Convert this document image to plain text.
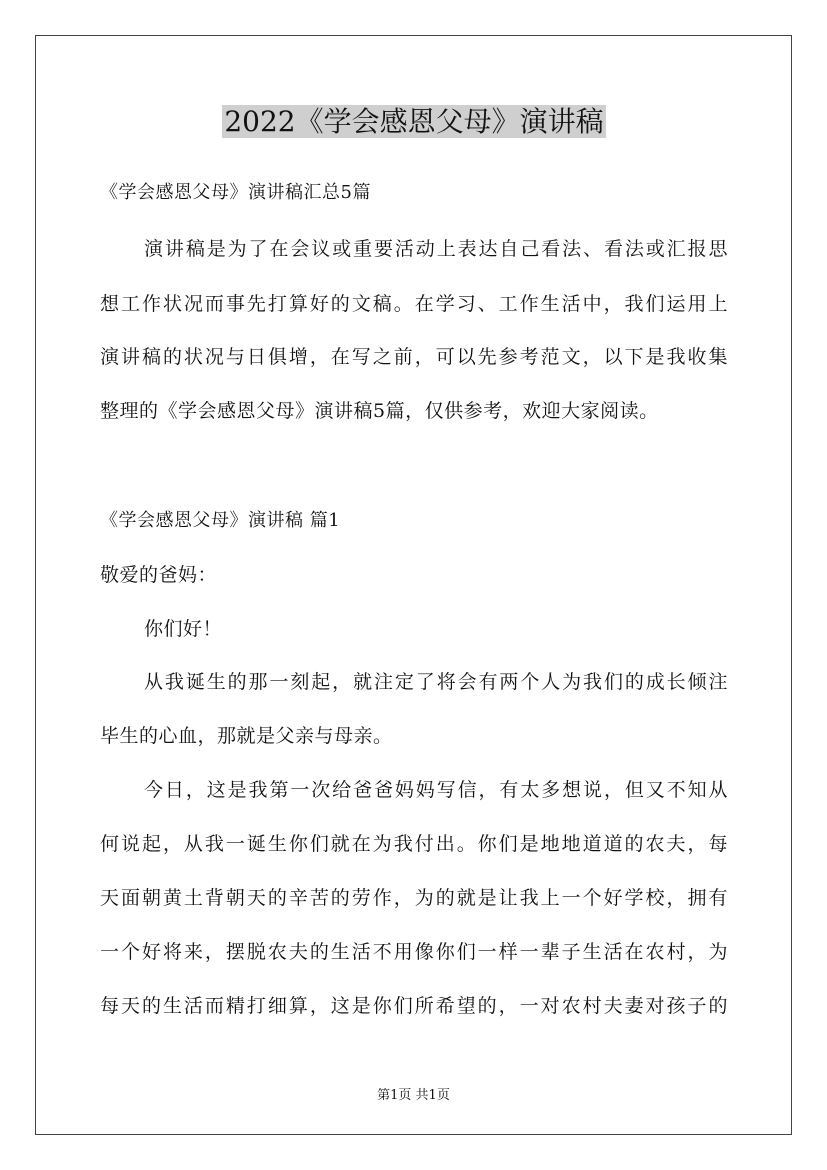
2022《学会感恩父母》演讲稿
《学会感恩父母》演讲稿汇总5篇
演讲稿是为了在会议或重要活动上表达自己看法、看法或汇报思
想工作状况而事先打算好的文稿。在学习、工作生活中，我们运用上
演讲稿的状况与日俱增，在写之前，可以先参考范文，以下是我收集
整理的《学会感恩父母》演讲稿5篇，仅供参考，欢迎大家阅读。
《学会感恩父母》演讲稿 篇1
敬爱的爸妈：
你们好！
从我诞生的那一刻起，就注定了将会有两个人为我们的成长倾注
毕生的心血，那就是父亲与母亲。
今日，这是我第一次给爸爸妈妈写信，有太多想说，但又不知从
何说起，从我一诞生你们就在为我付出。你们是地地道道的农夫，每
天面朝黄土背朝天的辛苦的劳作，为的就是让我上一个好学校，拥有
一个好将来，摆脱农夫的生活不用像你们一样一辈子生活在农村，为
每天的生活而精打细算，这是你们所希望的，一对农村夫妻对孩子的
第1页 共1页
